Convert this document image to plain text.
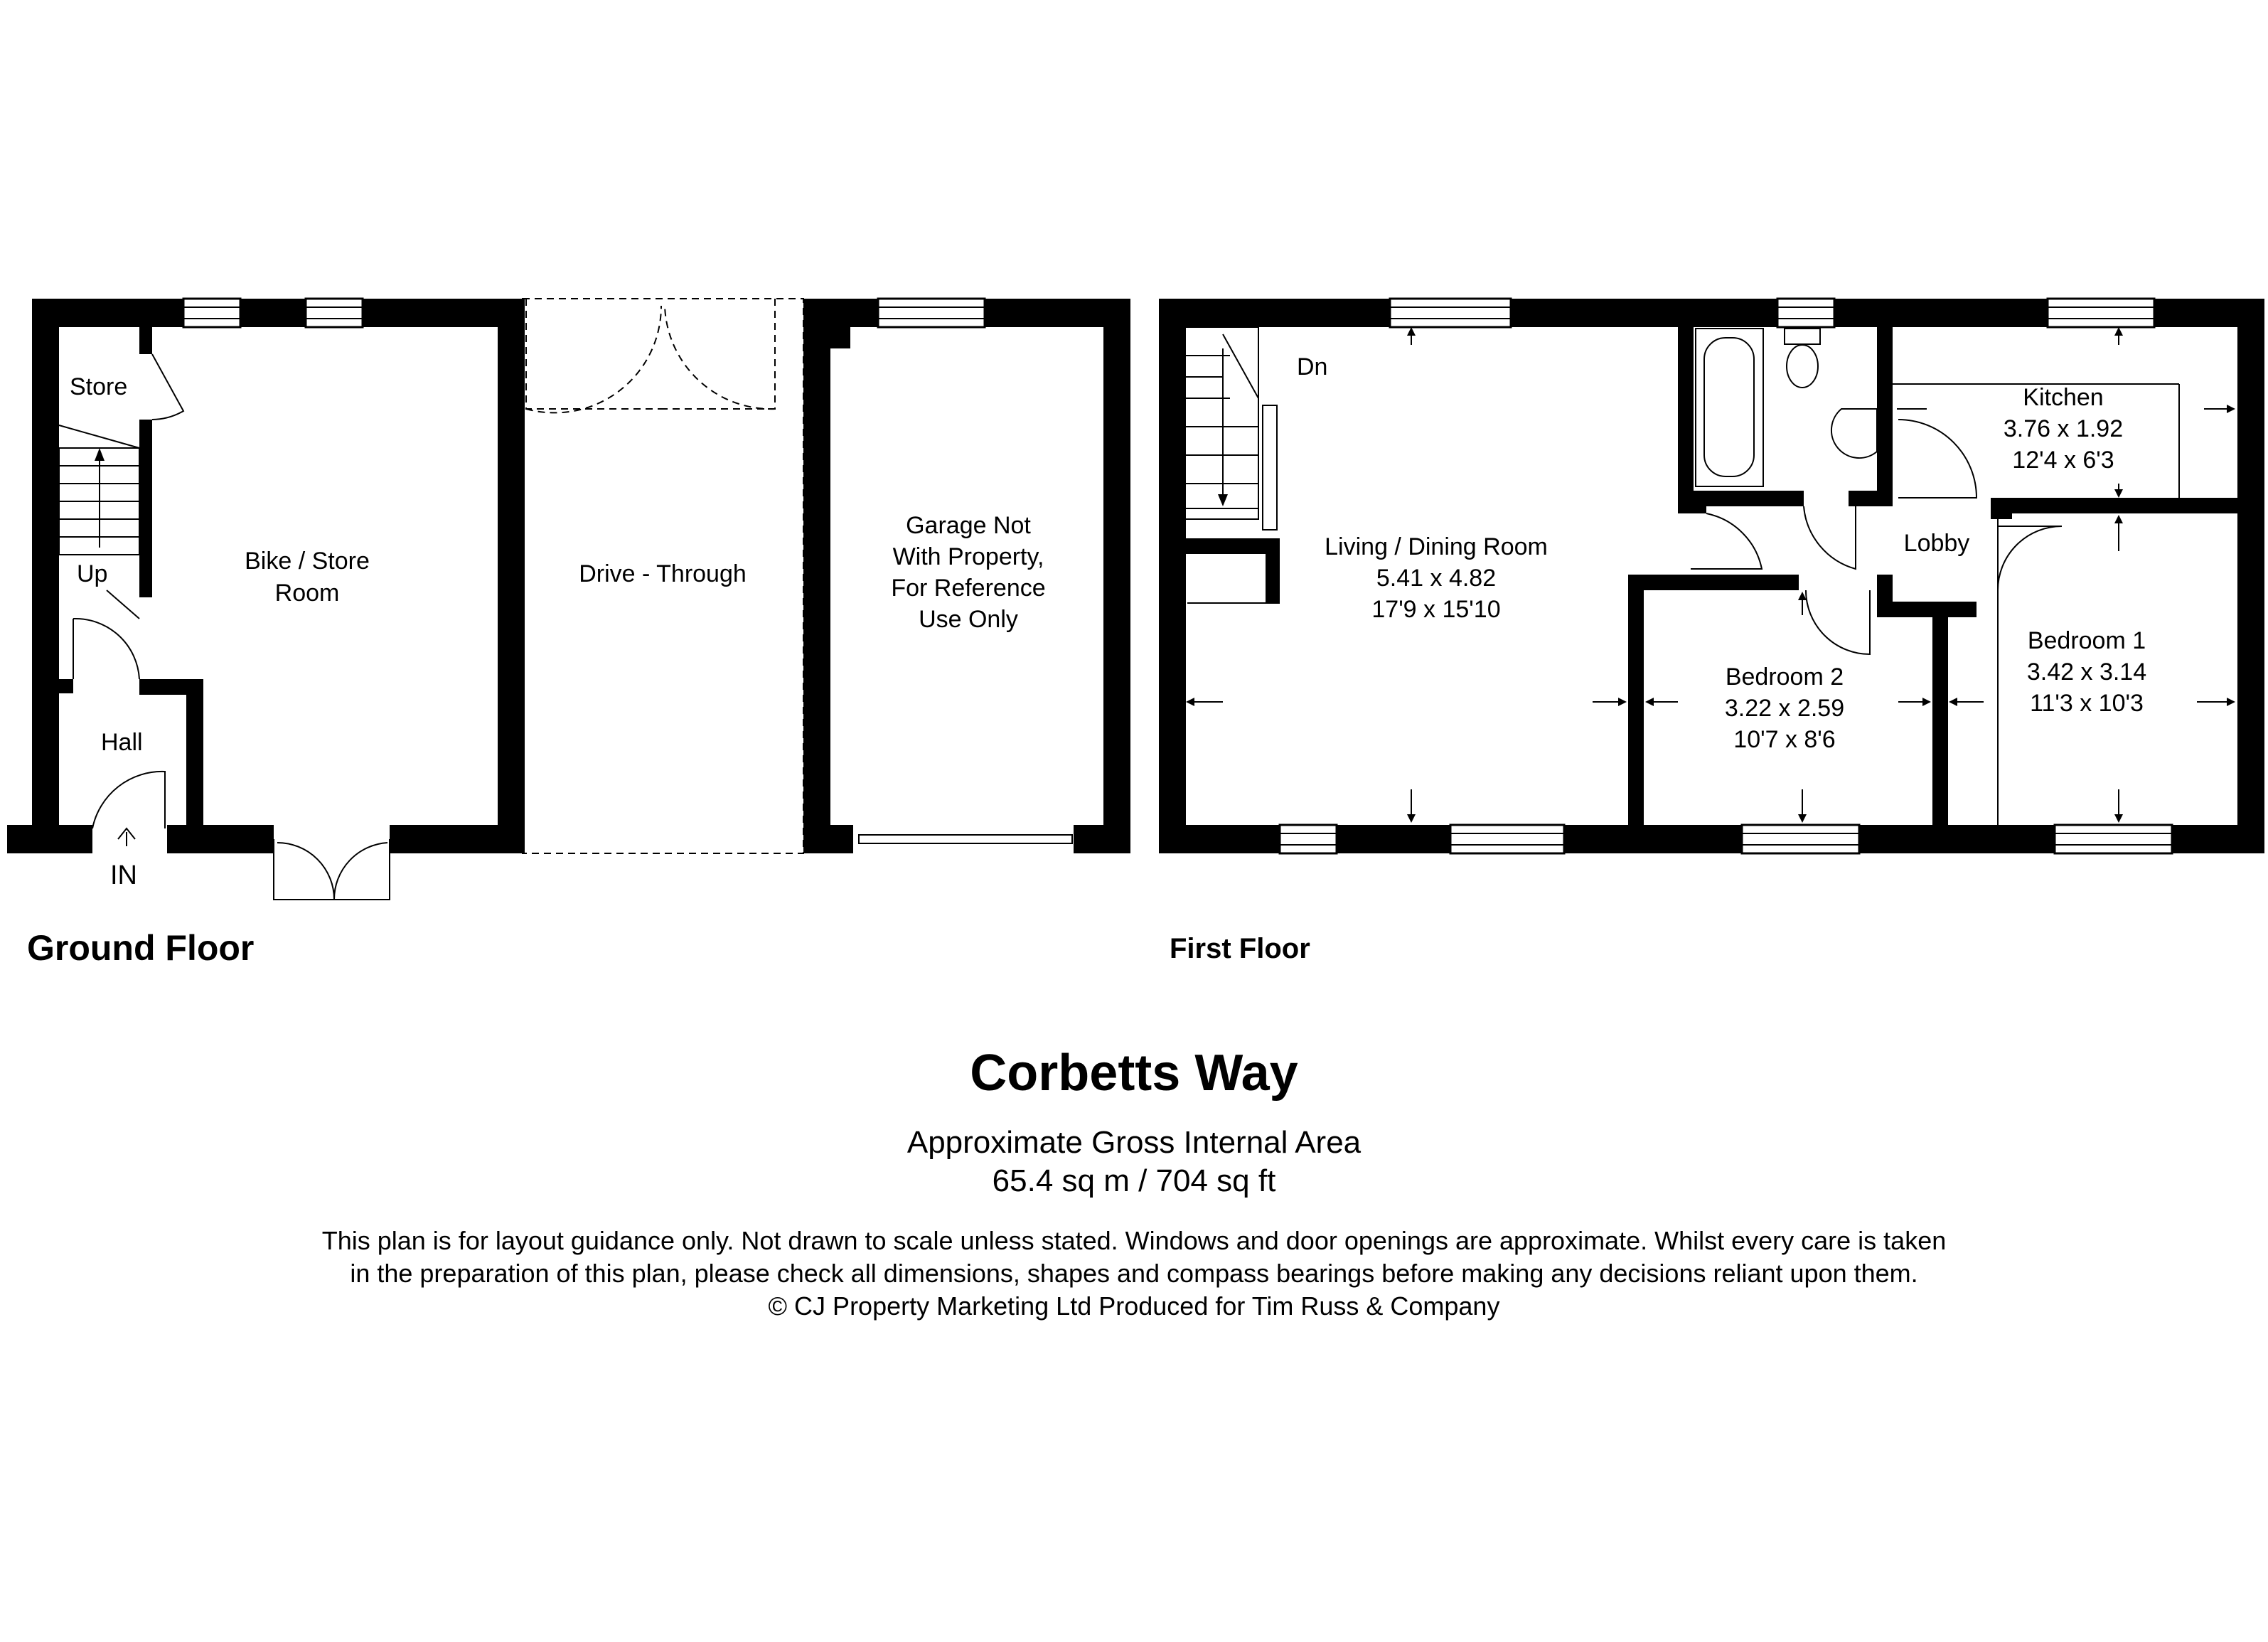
Store
Up
Hall
IN
Bike / Store
Room
Drive - Through
Garage Not
With Property,
For Reference
Use Only
Ground Floor
Dn
Living / Dining Room
5.41 x 4.82
17'9 x 15'10
Kitchen
3.76 x 1.92
12'4 x 6'3
Lobby
Bedroom 1
3.42 x 3.14
11'3 x 10'3
Bedroom 2
3.22 x 2.59
10'7 x 8'6
First Floor
Corbetts Way
Approximate Gross Internal Area
65.4 sq m / 704 sq ft
This plan is for layout guidance only. Not drawn to scale unless stated. Windows and door openings are approximate. Whilst every care is taken
in the preparation of this plan, please check all dimensions, shapes and compass bearings before making any decisions reliant upon them.
© CJ Property Marketing Ltd Produced for Tim Russ & Company
